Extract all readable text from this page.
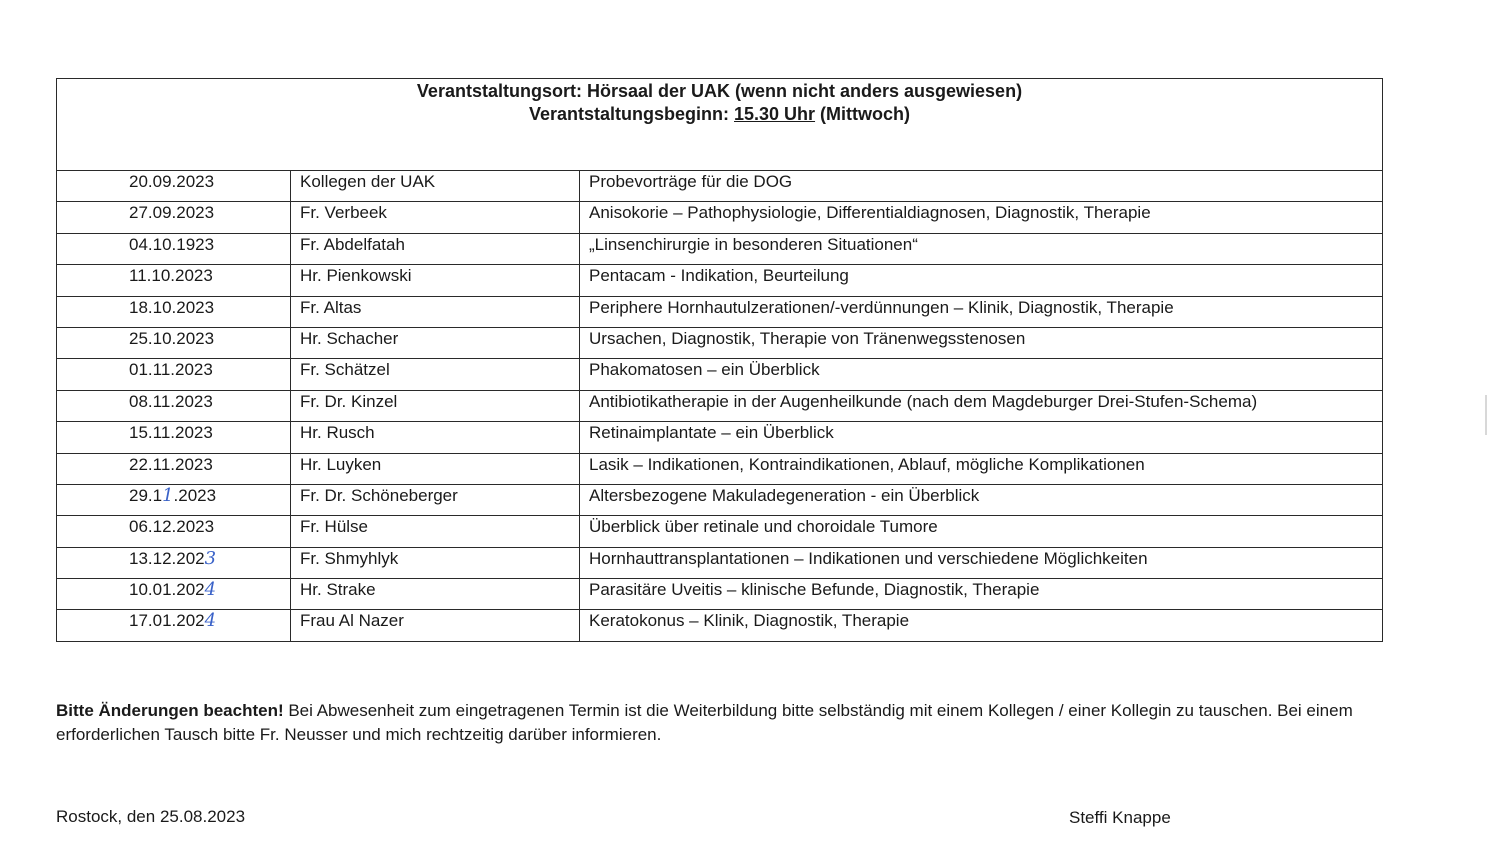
Verantstaltungsort: Hörsaal der UAK (wenn nicht anders ausgewiesen)
Verantstaltungsbeginn: 15.30 Uhr (Mittwoch)		

20.09.2023	Kollegen der UAK	Probevorträge für die DOG

27.09.2023	Fr. Verbeek	Anisokorie – Pathophysiologie, Differentialdiagnosen, Diagnostik, Therapie

04.10.1923	Fr. Abdelfatah	„Linsenchirurgie in besonderen Situationen“

11.10.2023	Hr. Pienkowski	Pentacam - Indikation, Beurteilung

18.10.2023	Fr. Altas	Periphere Hornhautulzerationen/-verdünnungen – Klinik, Diagnostik, Therapie

25.10.2023	Hr. Schacher	Ursachen, Diagnostik, Therapie von Tränenwegsstenosen

01.11.2023	Fr. Schätzel	Phakomatosen – ein Überblick

08.11.2023	Fr. Dr. Kinzel	Antibiotikatherapie in der Augenheilkunde (nach dem Magdeburger Drei-Stufen-Schema)

15.11.2023	Hr. Rusch	Retinaimplantate – ein Überblick

22.11.2023	Hr. Luyken	Lasik – Indikationen, Kontraindikationen, Ablauf, mögliche Komplikationen

29.11.2023	Fr. Dr. Schöneberger	Altersbezogene Makuladegeneration - ein Überblick

06.12.2023	Fr. Hülse	Überblick über retinale und choroidale Tumore

13.12.2023	Fr. Shmyhlyk	Hornhauttransplantationen – Indikationen und verschiedene Möglichkeiten

10.01.2024	Hr. Strake	Parasitäre Uveitis – klinische Befunde, Diagnostik, Therapie

17.01.2024	Frau Al Nazer	Keratokonus – Klinik, Diagnostik, Therapie
Bitte Änderungen beachten! Bei Abwesenheit zum eingetragenen Termin ist die Weiterbildung bitte selbständig mit einem Kollegen / einer Kollegin zu tauschen. Bei einem erforderlichen Tausch bitte Fr. Neusser und mich rechtzeitig darüber informieren.
Rostock, den 25.08.2023	Steffi Knappe
